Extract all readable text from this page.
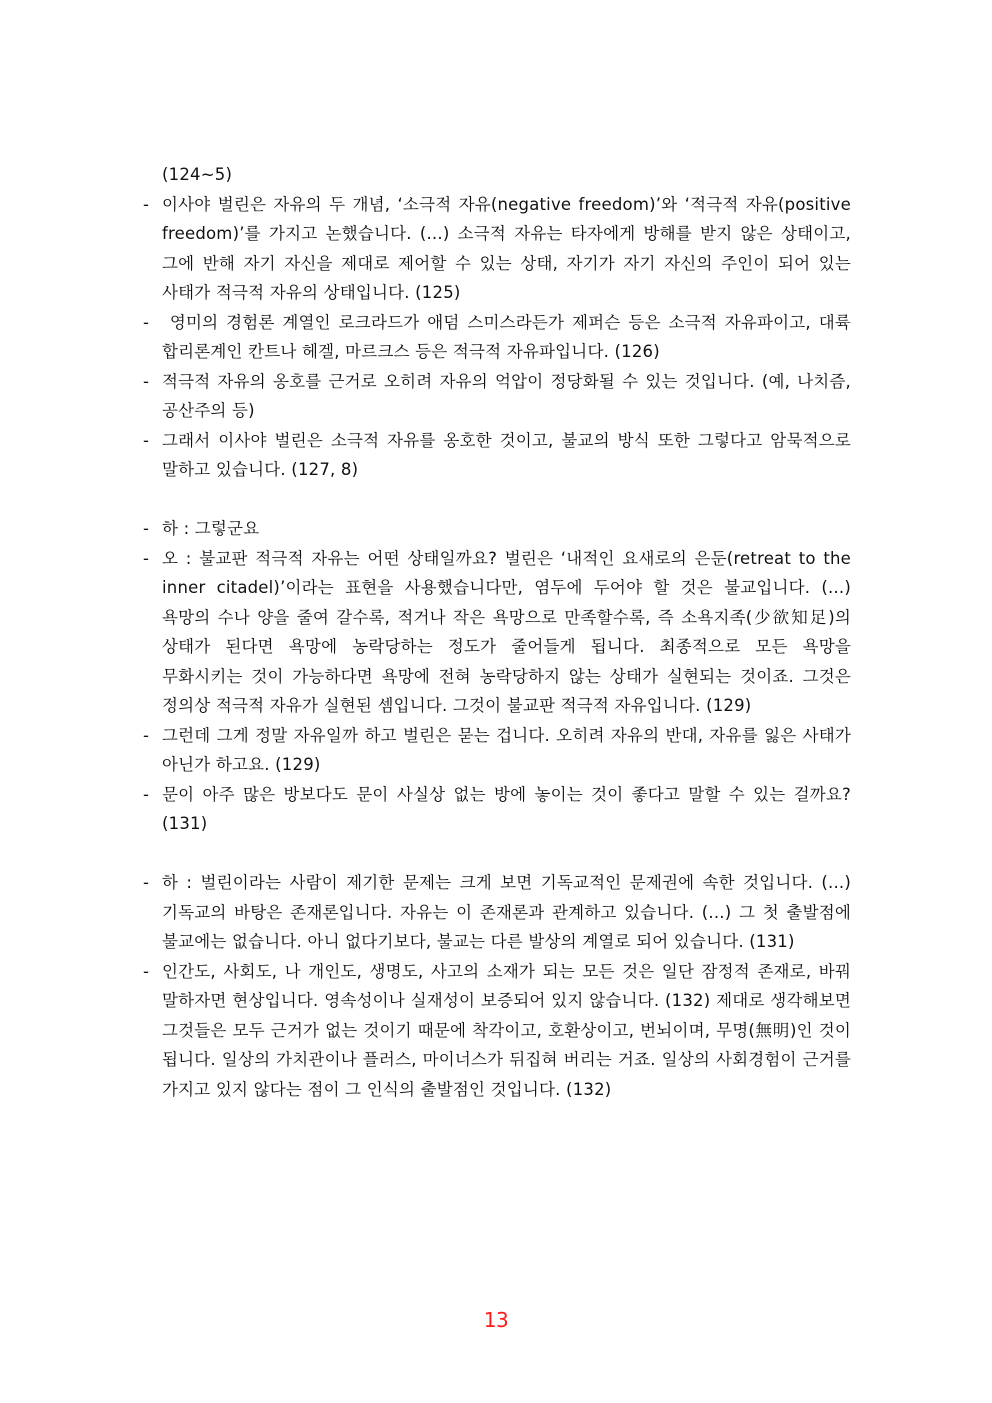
(124~5)
- 이사야 벌린은 자유의 두 개념, ‘소극적 자유(negative freedom)’와 ‘적극적 자유(positive freedom)’를 가지고 논했습니다. (...) 소극적 자유는 타자에게 방해를 받지 않은 상태이고, 그에 반해 자기 자신을 제대로 제어할 수 있는 상태, 자기가 자기 자신의 주인이 되어 있는 사태가 적극적 자유의 상태입니다. (125)
- 영미의 경험론 계열인 로크라드가 애덤 스미스라든가 제퍼슨 등은 소극적 자유파이고, 대륙 합리론계인 칸트나 헤겔, 마르크스 등은 적극적 자유파입니다. (126)
- 적극적 자유의 옹호를 근거로 오히려 자유의 억압이 정당화될 수 있는 것입니다. (예, 나치즘, 공산주의 등)
- 그래서 이사야 벌린은 소극적 자유를 옹호한 것이고, 불교의 방식 또한 그렇다고 암묵적으로 말하고 있습니다. (127, 8)
- 하 : 그렇군요
- 오 : 불교판 적극적 자유는 어떤 상태일까요? 벌린은 ‘내적인 요새로의 은둔(retreat to the inner citadel)’이라는 표현을 사용했습니다만, 염두에 두어야 할 것은 불교입니다. (...) 욕망의 수나 양을 줄여 갈수록, 적거나 작은 욕망으로 만족할수록, 즉 소욕지족(少欲知足)의 상태가 된다면 욕망에 농락당하는 정도가 줄어들게 됩니다. 최종적으로 모든 욕망을 무화시키는 것이 가능하다면 욕망에 전혀 농락당하지 않는 상태가 실현되는 것이죠. 그것은 정의상 적극적 자유가 실현된 셈입니다. 그것이 불교판 적극적 자유입니다. (129)
- 그런데 그게 정말 자유일까 하고 벌린은 묻는 겁니다. 오히려 자유의 반대, 자유를 잃은 사태가 아닌가 하고요. (129)
- 문이 아주 많은 방보다도 문이 사실상 없는 방에 놓이는 것이 좋다고 말할 수 있는 걸까요? (131)
- 하 : 벌린이라는 사람이 제기한 문제는 크게 보면 기독교적인 문제권에 속한 것입니다. (...) 기독교의 바탕은 존재론입니다. 자유는 이 존재론과 관계하고 있습니다. (...) 그 첫 출발점에 불교에는 없습니다. 아니 없다기보다, 불교는 다른 발상의 계열로 되어 있습니다. (131)
- 인간도, 사회도, 나 개인도, 생명도, 사고의 소재가 되는 모든 것은 일단 잠정적 존재로, 바꿔 말하자면 현상입니다. 영속성이나 실재성이 보증되어 있지 않습니다. (132) 제대로 생각해보면 그것들은 모두 근거가 없는 것이기 때문에 착각이고, 호환상이고, 번뇌이며, 무명(無明)인 것이 됩니다. 일상의 가치관이나 플러스, 마이너스가 뒤집혀 버리는 거죠. 일상의 사회경험이 근거를 가지고 있지 않다는 점이 그 인식의 출발점인 것입니다. (132)
13
